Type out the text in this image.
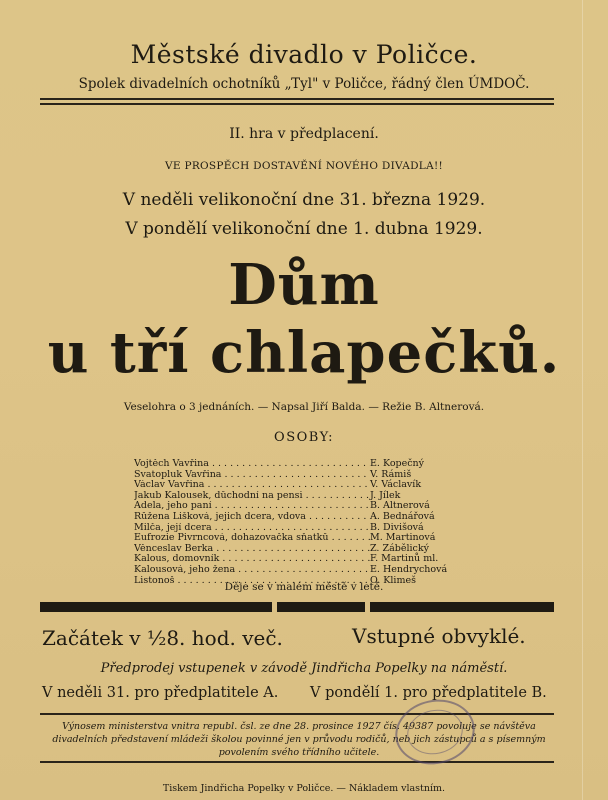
Městské divadlo v Poličce.
Spolek divadelních ochotníků „Tyl" v Poličce, řádný člen ÚMDOČ.
II. hra v předplacení.
VE PROSPĚCH DOSTAVĚNÍ NOVÉHO DIVADLA!!
V neděli velikonoční dne 31. března 1929.
V pondělí velikonoční dne 1. dubna 1929.
Dům
u tří chlapečků.
Veselohra o 3 jednáních. — Napsal Jiří Balda. — Režie B. Altnerová.
OSOBY:
Vojtěch Vavřina . . .	E. Kopečný
Svatopluk Vavřina . . .	V. Rámiš
Václav Vavřina . . .	V. Václavík
Jakub Kalousek, důchodní na pensi . . .	J. Jílek
Adela, jeho paní . . .	B. Altnerová
Růžena Lišková, jejich dcera, vdova . . .	A. Bednářová
Milča, její dcera . . .	B. Divišová
Eufrozie Pivrncová, dohazovačka sňatků . . .	M. Martinová
Věnceslav Berka . . .	Z. Zábělický
Kalous, domovník . . .	F. Martinů ml.
Kalousová, jeho žena . . .	E. Hendrychová
Listonoš . . .	O. Klimeš
Děje se v malém městě v letě.
Začátek v ½8. hod. več.	Vstupné obvyklé.
Předprodej vstupenek v závodě Jindřicha Popelky na náměstí.
V neděli 31. pro předplatitele A. V pondělí 1. pro předplatitele B.
Výnosem ministerstva vnitra republ. čsl. ze dne 28. prosince 1927 čís. 49387 povoluje se návštěva divadelních představení mládeži školou povinné jen v průvodu rodičů, neb jich zástupců a s písemným povolením svého třídního učitele.
Tiskem Jindřicha Popelky v Poličce. — Nákladem vlastním.
